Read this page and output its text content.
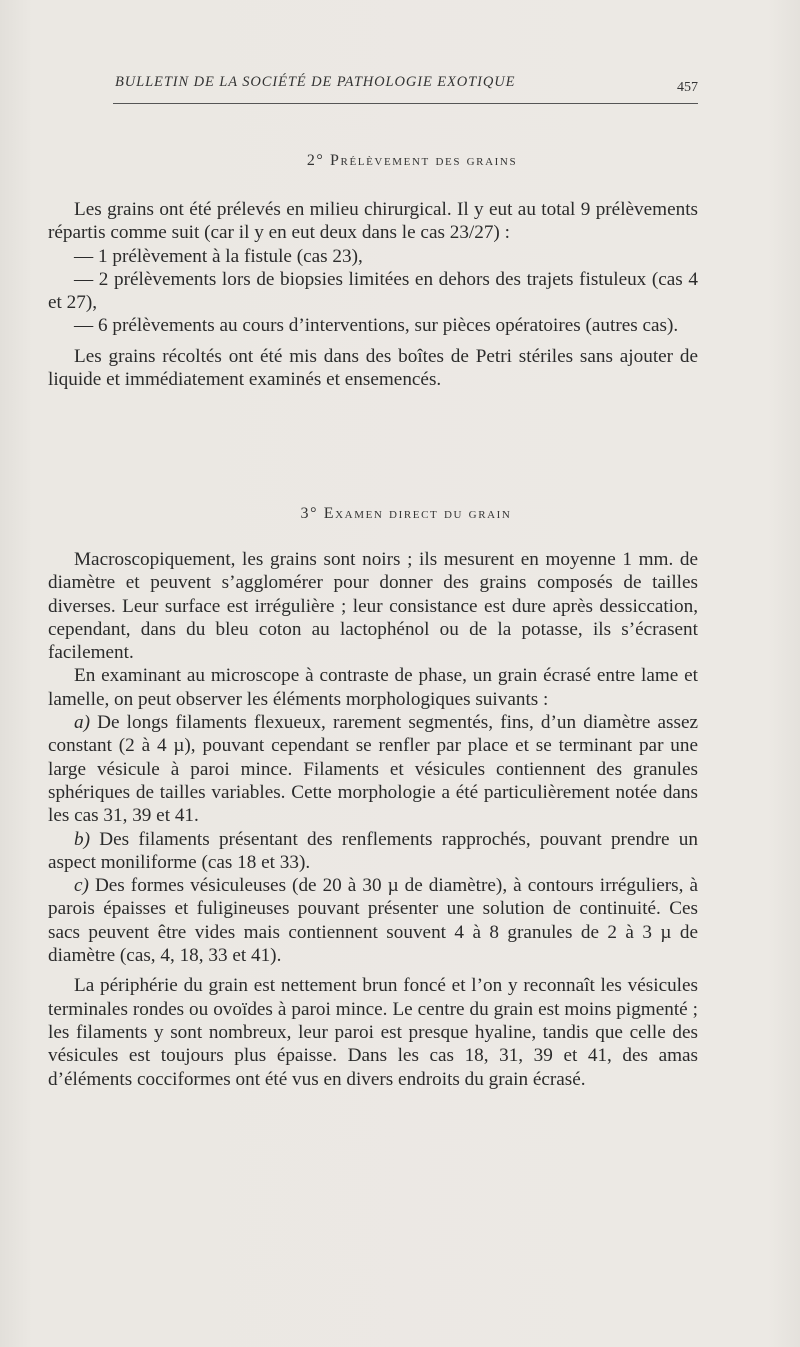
BULLETIN DE LA SOCIÉTÉ DE PATHOLOGIE EXOTIQUE	457
2° Prélèvement des grains

Les grains ont été prélevés en milieu chirurgical. Il y eut au total 9 prélèvements répartis comme suit (car il y en eut deux dans le cas 23/27) :

— 1 prélèvement à la fistule (cas 23),

— 2 prélèvements lors de biopsies limitées en dehors des trajets fistuleux (cas 4 et 27),

— 6 prélèvements au cours d’interventions, sur pièces opératoires (autres cas).

Les grains récoltés ont été mis dans des boîtes de Petri stériles sans ajouter de liquide et immédiatement examinés et ensemencés.

3° Examen direct du grain

Macroscopiquement, les grains sont noirs ; ils mesurent en moyenne 1 mm. de diamètre et peuvent s’agglomérer pour donner des grains composés de tailles diverses. Leur surface est irrégulière ; leur consistance est dure après dessiccation, cependant, dans du bleu coton au lactophénol ou de la potasse, ils s’écrasent facilement.

En examinant au microscope à contraste de phase, un grain écrasé entre lame et lamelle, on peut observer les éléments morphologiques suivants :

a) De longs filaments flexueux, rarement segmentés, fins, d’un diamètre assez constant (2 à 4 µ), pouvant cependant se renfler par place et se terminant par une large vésicule à paroi mince. Filaments et vésicules contiennent des granules sphériques de tailles variables. Cette morphologie a été particulièrement notée dans les cas 31, 39 et 41.

b) Des filaments présentant des renflements rapprochés, pouvant prendre un aspect moniliforme (cas 18 et 33).

c) Des formes vésiculeuses (de 20 à 30 µ de diamètre), à contours irréguliers, à parois épaisses et fuligineuses pouvant présenter une solution de continuité. Ces sacs peuvent être vides mais contiennent souvent 4 à 8 granules de 2 à 3 µ de diamètre (cas, 4, 18, 33 et 41).

La périphérie du grain est nettement brun foncé et l’on y reconnaît les vésicules terminales rondes ou ovoïdes à paroi mince. Le centre du grain est moins pigmenté ; les filaments y sont nombreux, leur paroi est presque hyaline, tandis que celle des vésicules est toujours plus épaisse. Dans les cas 18, 31, 39 et 41, des amas d’éléments cocciformes ont été vus en divers endroits du grain écrasé.
